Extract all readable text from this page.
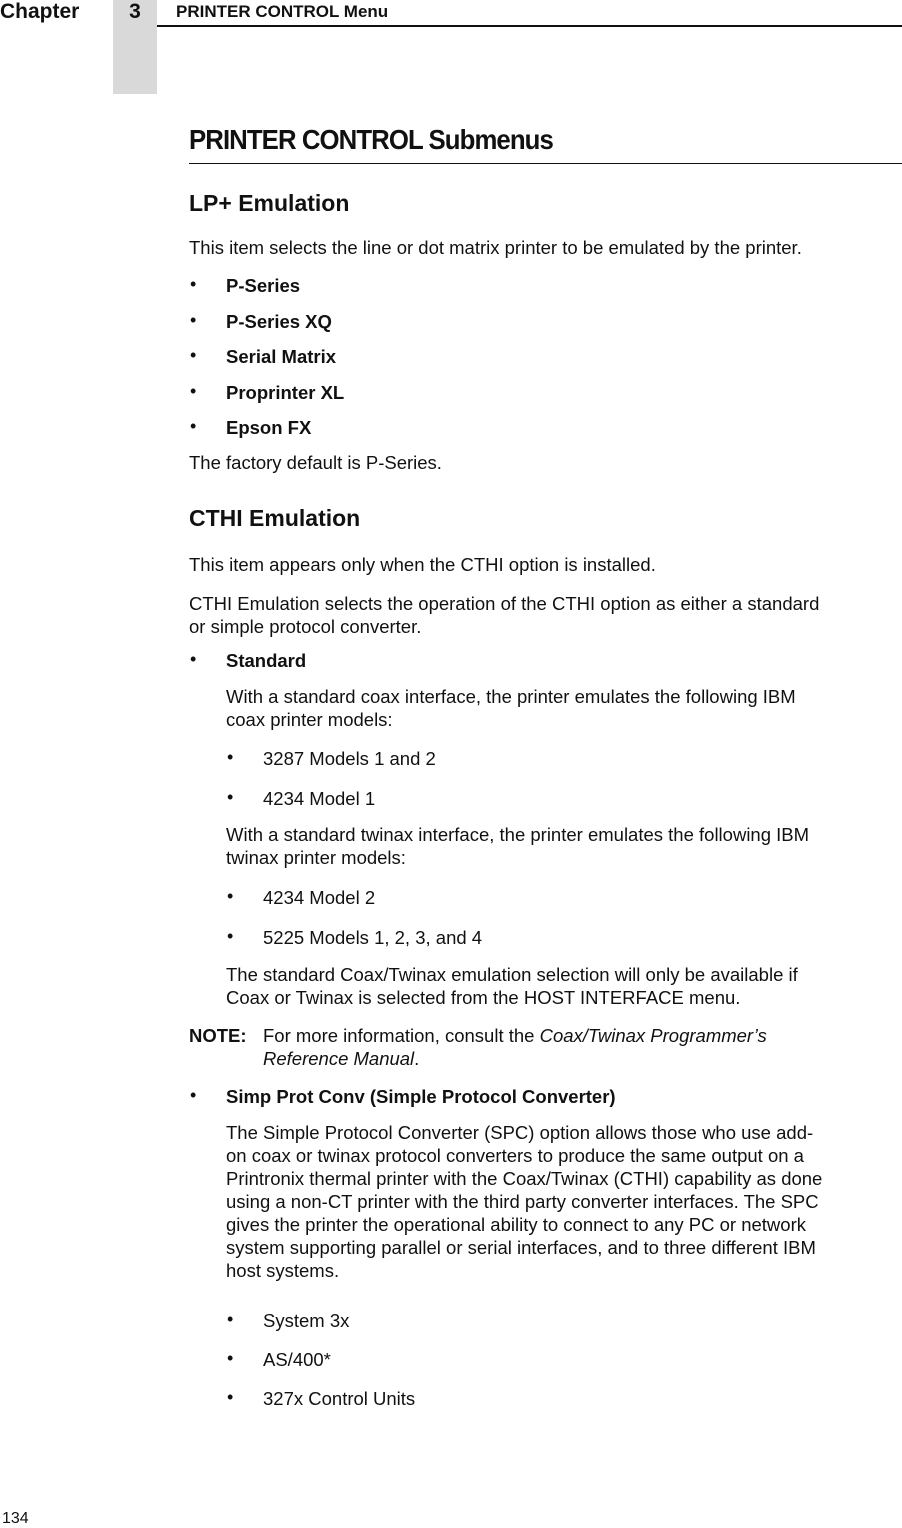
Chapter	3	PRINTER CONTROL Menu
PRINTER CONTROL Submenus
LP+ Emulation
This item selects the line or dot matrix printer to be emulated by the printer.
• P-Series
• P-Series XQ
• Serial Matrix
• Proprinter XL
• Epson FX
The factory default is P-Series.
CTHI Emulation
This item appears only when the CTHI option is installed.
CTHI Emulation selects the operation of the CTHI option as either a standard
or simple protocol converter.
• Standard
With a standard coax interface, the printer emulates the following IBM
coax printer models:
• 3287 Models 1 and 2
• 4234 Model 1
With a standard twinax interface, the printer emulates the following IBM
twinax printer models:
• 4234 Model 2
• 5225 Models 1, 2, 3, and 4
The standard Coax/Twinax emulation selection will only be available if
Coax or Twinax is selected from the HOST INTERFACE menu.
NOTE: For more information, consult the Coax/Twinax Programmer’s
Reference Manual.
• Simp Prot Conv (Simple Protocol Converter)
The Simple Protocol Converter (SPC) option allows those who use add-
on coax or twinax protocol converters to produce the same output on a
Printronix thermal printer with the Coax/Twinax (CTHI) capability as done
using a non-CT printer with the third party converter interfaces. The SPC
gives the printer the operational ability to connect to any PC or network
system supporting parallel or serial interfaces, and to three different IBM
host systems.
• System 3x
• AS/400*
• 327x Control Units
134
